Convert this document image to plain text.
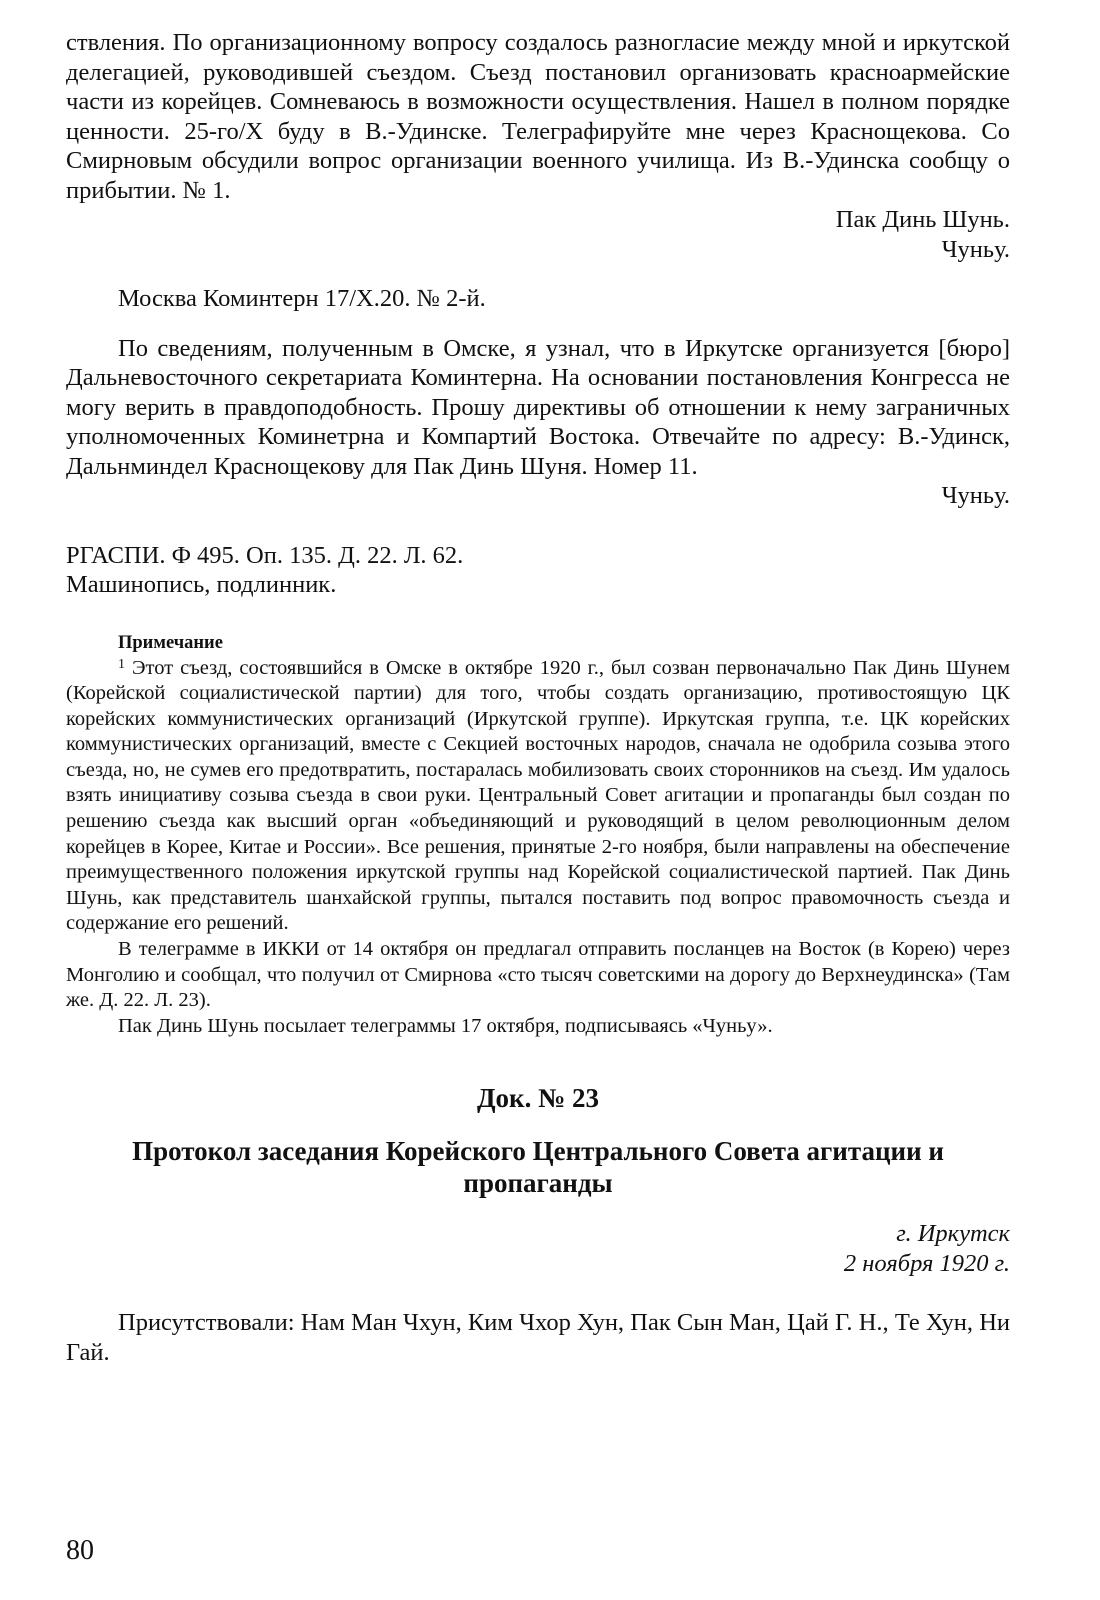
ствления. По организационному вопросу создалось разногласие между мной и иркутской делегацией, руководившей съездом. Съезд постановил организовать красноармейские части из корейцев. Сомневаюсь в возможности осуществления. Нашел в полном порядке ценности. 25-го/X буду в В.-Удинске. Телеграфируйте мне через Краснощекова. Со Смирновым обсудили вопрос организации военного училища. Из В.-Удинска сообщу о прибытии. № 1.

Пак Динь Шунь.

Чуньу.

Москва Коминтерн 17/X.20. № 2-й.

По сведениям, полученным в Омске, я узнал, что в Иркутске организуется [бюро] Дальневосточного секретариата Коминтерна. На основании постановления Конгресса не могу верить в правдоподобность. Прошу директивы об отношении к нему заграничных уполномоченных Коминетрна и Компартий Востока. Отвечайте по адресу: В.-Удинск, Дальнминдел Краснощекову для Пак Динь Шуня. Номер 11.

Чуньу.

РГАСПИ. Ф 495. Оп. 135. Д. 22. Л. 62.

Машинопись, подлинник.

Примечание

$^1$ Этот съезд, состоявшийся в Омске в октябре 1920 г., был созван первоначально Пак Динь Шунем (Корейской социалистической партии) для того, чтобы создать организацию, противостоящую ЦК корейских коммунистических организаций (Иркутской группе). Иркутская группа, т.е. ЦК корейских коммунистических организаций, вместе с Секцией восточных народов, сначала не одобрила созыва этого съезда, но, не сумев его предотвратить, постаралась мобилизовать своих сторонников на съезд. Им удалось взять инициативу созыва съезда в свои руки. Центральный Совет агитации и пропаганды был создан по решению съезда как высший орган «объединяющий и руководящий в целом революционным делом корейцев в Корее, Китае и России». Все решения, принятые 2-го ноября, были направлены на обеспечение преимущественного положения иркутской группы над Корейской социалистической партией. Пак Динь Шунь, как представитель шанхайской группы, пытался поставить под вопрос правомочность съезда и содержание его решений.

В телеграмме в ИККИ от 14 октября он предлагал отправить посланцев на Восток (в Корею) через Монголию и сообщал, что получил от Смирнова «сто тысяч советскими на дорогу до Верхнеудинска» (Там же. Д. 22. Л. 23).

Пак Динь Шунь посылает телеграммы 17 октября, подписываясь «Чуньу».

Док. № 23

Протокол заседания Корейского Центрального Совета агитации и пропаганды

г. Иркутск

2 ноября 1920 г.

Присутствовали: Нам Ман Чхун, Ким Чхор Хун, Пак Сын Ман, Цай Г. Н., Те Хун, Ни Гай.

80
